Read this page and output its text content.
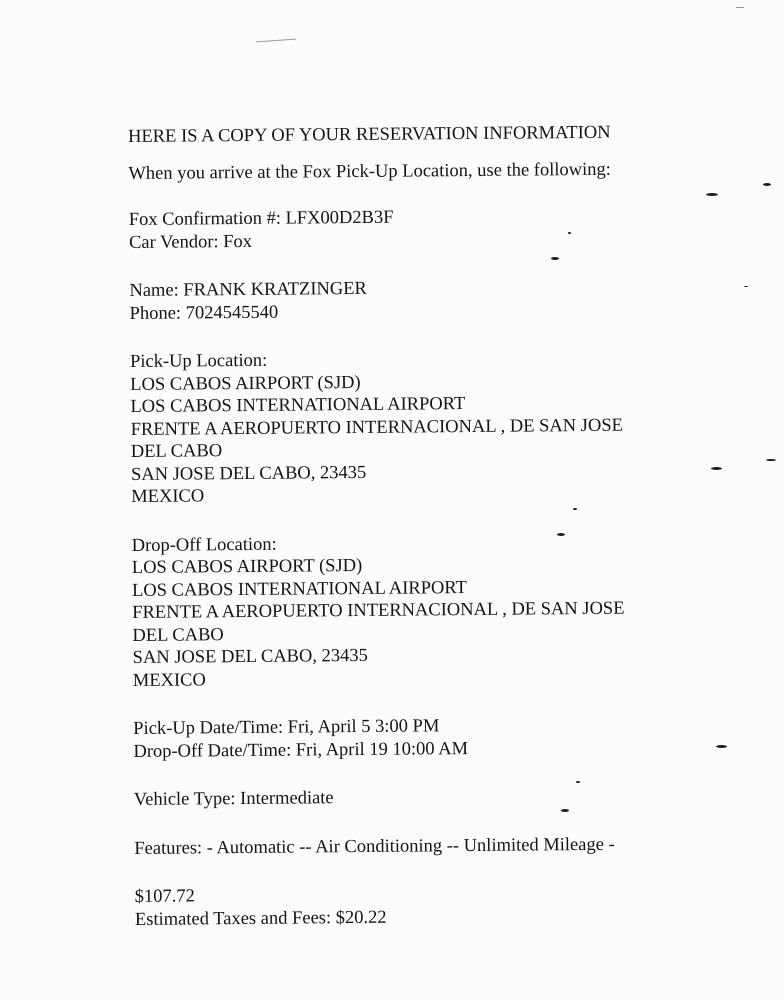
HERE IS A COPY OF YOUR RESERVATION INFORMATION
When you arrive at the Fox Pick-Up Location, use the following:
Fox Confirmation #: LFX00D2B3F
Car Vendor: Fox
Name: FRANK KRATZINGER
Phone: 7024545540
Pick-Up Location:
LOS CABOS AIRPORT (SJD)
LOS CABOS INTERNATIONAL AIRPORT
FRENTE A AEROPUERTO INTERNACIONAL , DE SAN JOSE
DEL CABO
SAN JOSE DEL CABO, 23435
MEXICO
Drop-Off Location:
LOS CABOS AIRPORT (SJD)
LOS CABOS INTERNATIONAL AIRPORT
FRENTE A AEROPUERTO INTERNACIONAL , DE SAN JOSE
DEL CABO
SAN JOSE DEL CABO, 23435
MEXICO
Pick-Up Date/Time: Fri, April 5 3:00 PM
Drop-Off Date/Time: Fri, April 19 10:00 AM
Vehicle Type: Intermediate
Features: - Automatic -- Air Conditioning -- Unlimited Mileage -
$107.72
Estimated Taxes and Fees: $20.22
